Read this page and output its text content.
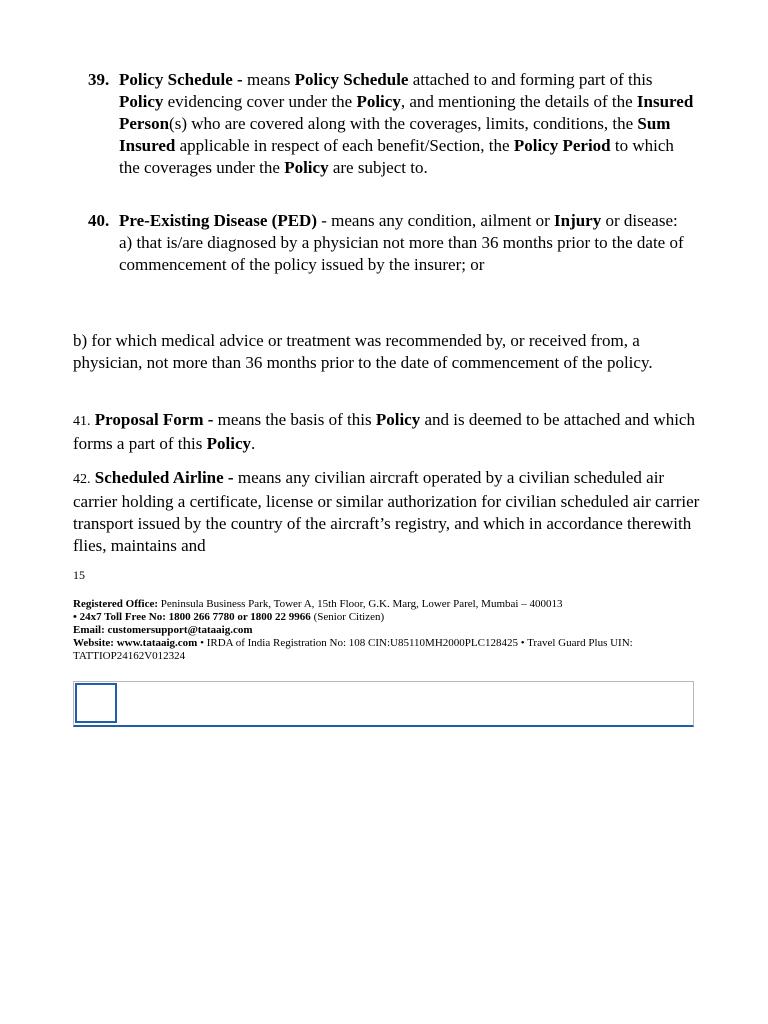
39. Policy Schedule - means Policy Schedule attached to and forming part of this Policy evidencing cover under the Policy, and mentioning the details of the Insured Person(s) who are covered along with the coverages, limits, conditions, the Sum Insured applicable in respect of each benefit/Section, the Policy Period to which the coverages under the Policy are subject to.

40. Pre-Existing Disease (PED) - means any condition, ailment or Injury or disease:

a) that is/are diagnosed by a physician not more than 36 months prior to the date of commencement of the policy issued by the insurer; or

b) for which medical advice or treatment was recommended by, or received from, a physician, not more than 36 months prior to the date of commencement of the policy.

41. Proposal Form - means the basis of this Policy and is deemed to be attached and which forms a part of this Policy.

42. Scheduled Airline - means any civilian aircraft operated by a civilian scheduled air carrier holding a certificate, license or similar authorization for civilian scheduled air carrier transport issued by the country of the aircraft’s registry, and which in accordance therewith flies, maintains and

15
Registered Office: Peninsula Business Park, Tower A, 15th Floor, G.K. Marg, Lower Parel, Mumbai – 400013
• 24x7 Toll Free No: 1800 266 7780 or 1800 22 9966 (Senior Citizen)
Email: customersupport@tataaig.com
Website: www.tataaig.com • IRDA of India Registration No: 108 CIN:U85110MH2000PLC128425 • Travel Guard Plus UIN:
TATTIOP24162V012324
